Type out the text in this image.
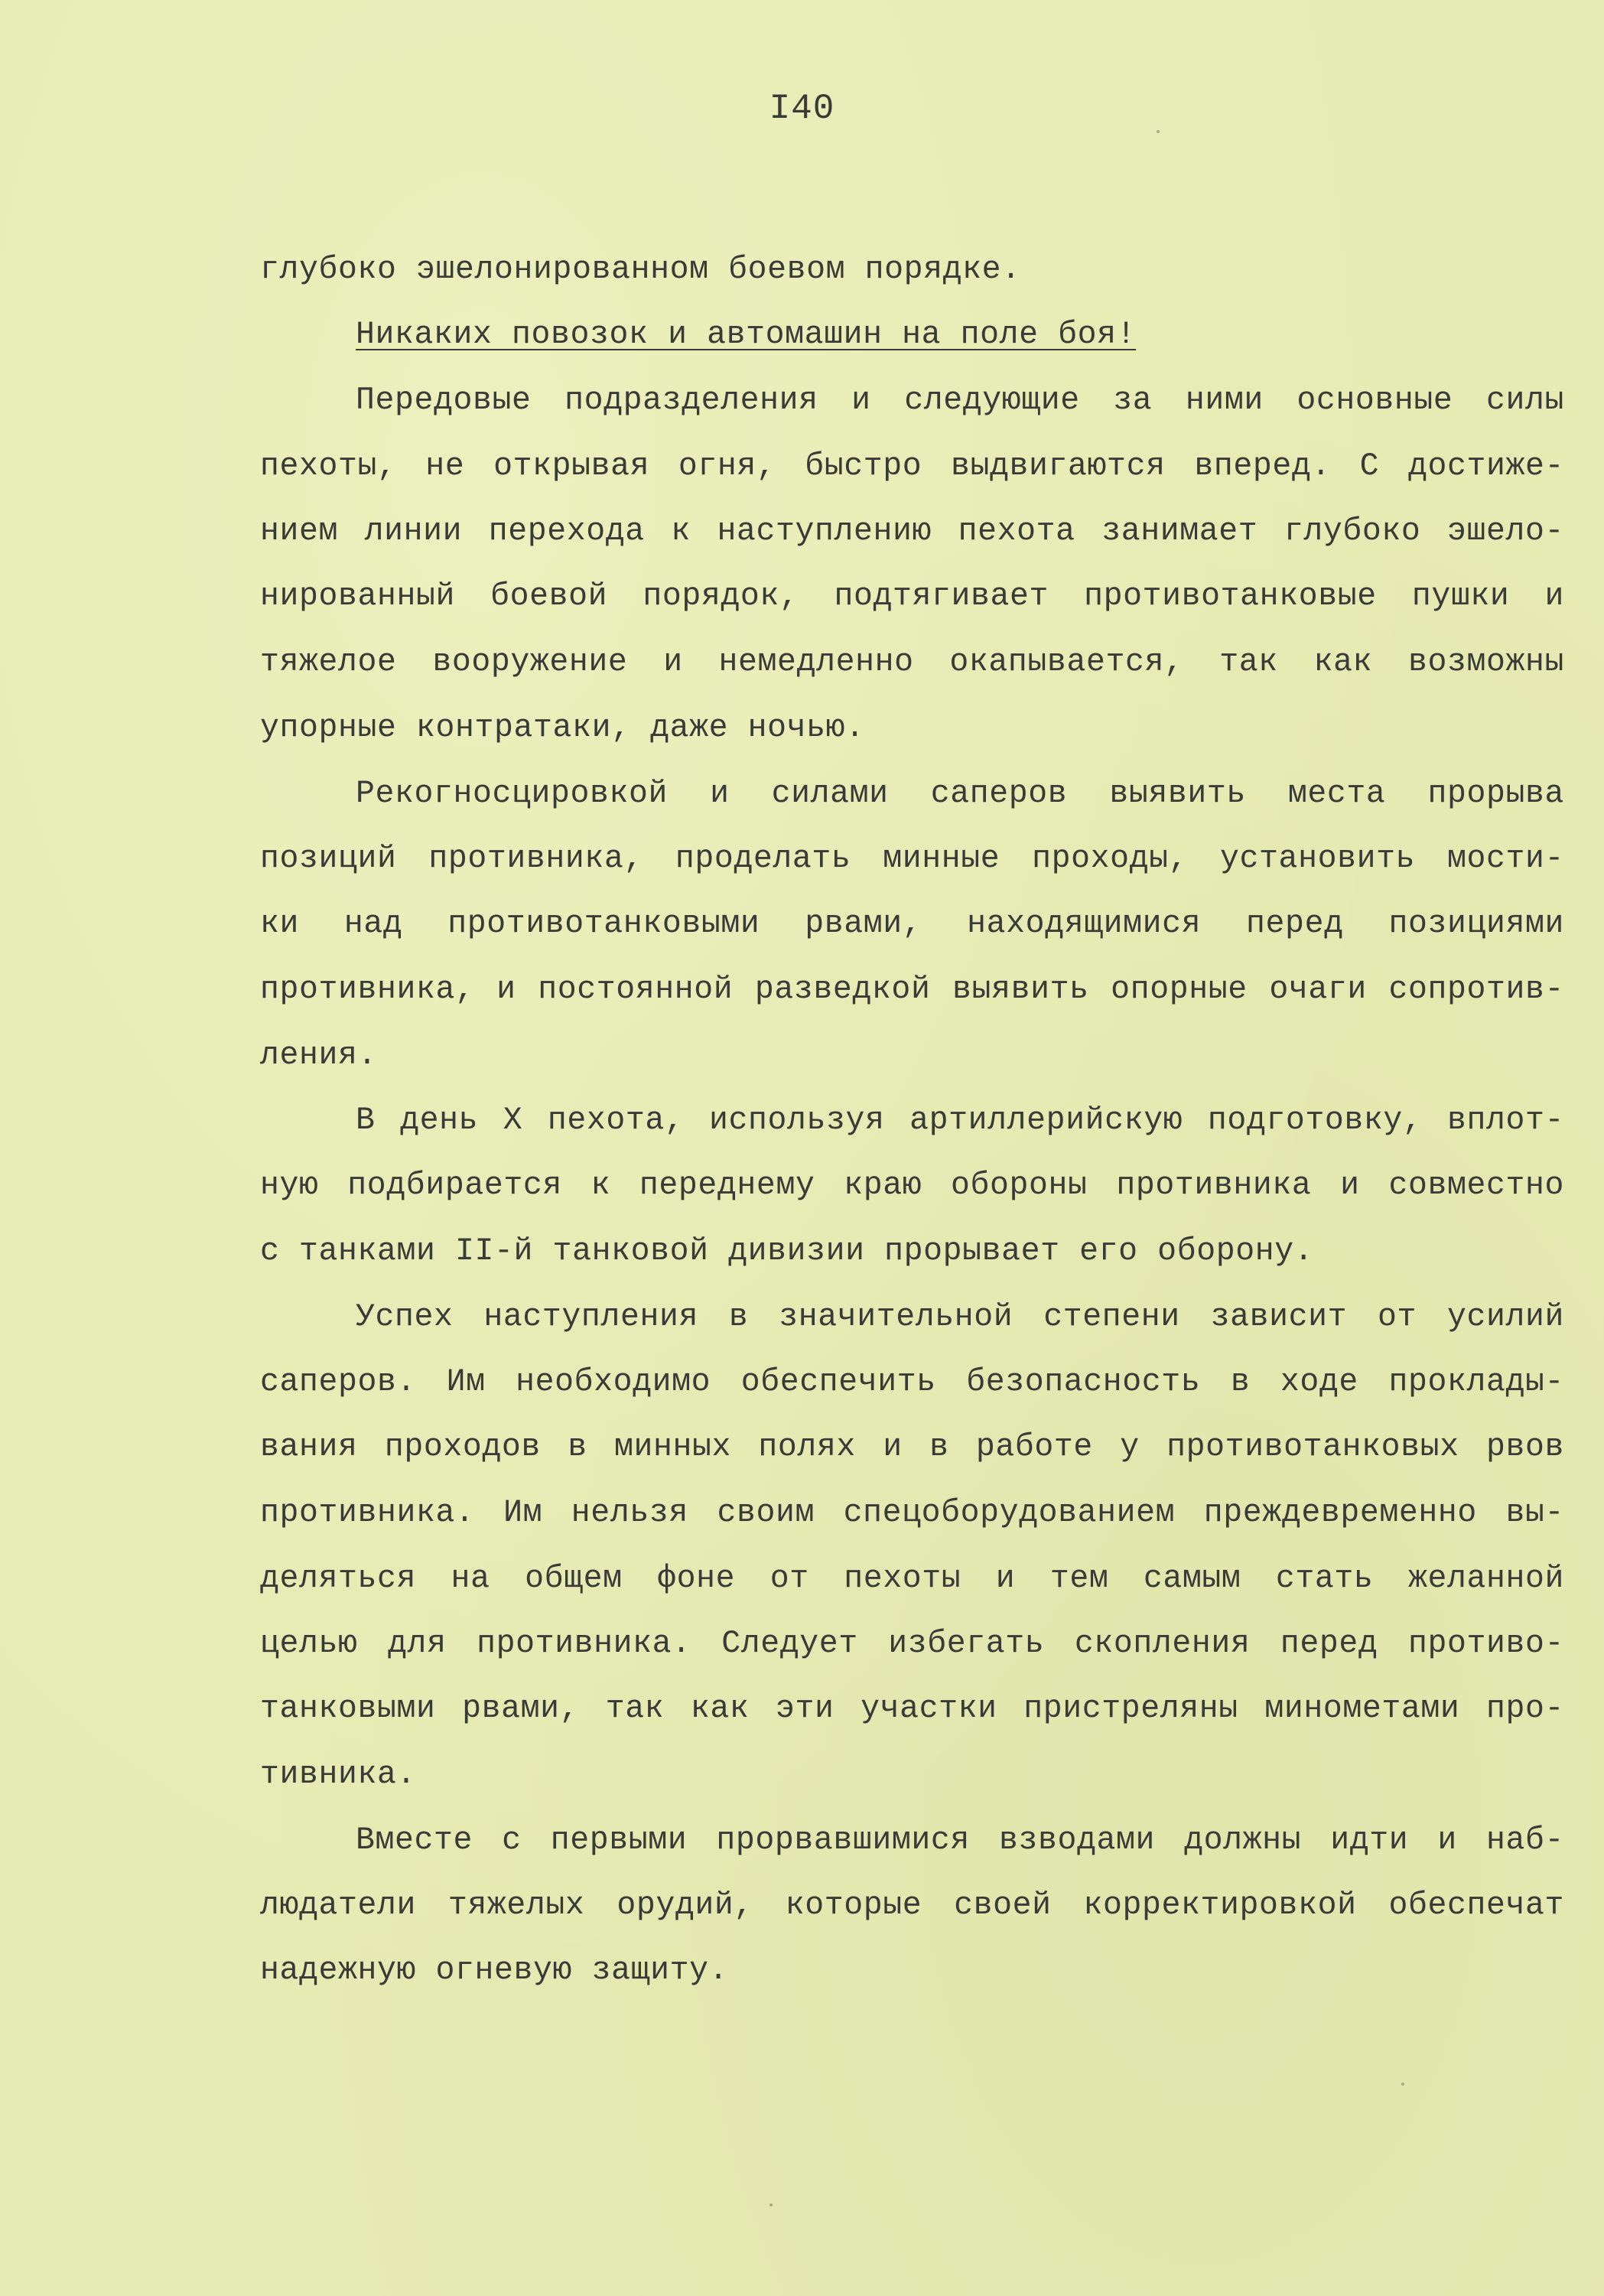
I40
глубоко эшелонированном боевом порядке.
Никаких повозок и автомашин на поле боя!
Передовые подразделения и следующие за ними основные силы
пехоты, не открывая огня, быстро выдвигаются вперед. С достиже-
нием линии перехода к наступлению пехота занимает глубоко эшело-
нированный боевой порядок, подтягивает противотанковые пушки и
тяжелое вооружение и немедленно окапывается, так как возможны
упорные контратаки, даже ночью.
Рекогносцировкой и силами саперов выявить места прорыва
позиций противника, проделать минные проходы, установить мости-
ки над противотанковыми рвами, находящимися перед позициями
противника, и постоянной разведкой выявить опорные очаги сопротив-
ления.
В день X пехота, используя артиллерийскую подготовку, вплот-
ную подбирается к переднему краю обороны противника и совместно
с танками II-й танковой дивизии прорывает его оборону.
Успех наступления в значительной степени зависит от усилий
саперов. Им необходимо обеспечить безопасность в ходе проклады-
вания проходов в минных полях и в работе у противотанковых рвов
противника. Им нельзя своим спецоборудованием преждевременно вы-
деляться на общем фоне от пехоты и тем самым стать желанной
целью для противника. Следует избегать скопления перед противо-
танковыми рвами, так как эти участки пристреляны минометами про-
тивника.
Вместе с первыми прорвавшимися взводами должны идти и наб-
людатели тяжелых орудий, которые своей корректировкой обеспечат
надежную огневую защиту.
